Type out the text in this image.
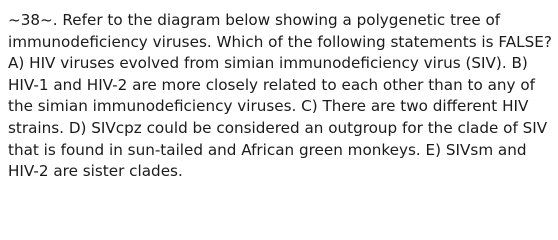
~38~. Refer to the diagram below showing a polygenetic tree of immunodeficiency viruses. Which of the following statements is FALSE? A) HIV viruses evolved from simian immunodeficiency virus (SIV). B) HIV-1 and HIV-2 are more closely related to each other than to any of the simian immunodeficiency viruses. C) There are two different HIV strains. D) SIVcpz could be considered an outgroup for the clade of SIV that is found in sun-tailed and African green monkeys. E) SIVsm and HIV-2 are sister clades.
